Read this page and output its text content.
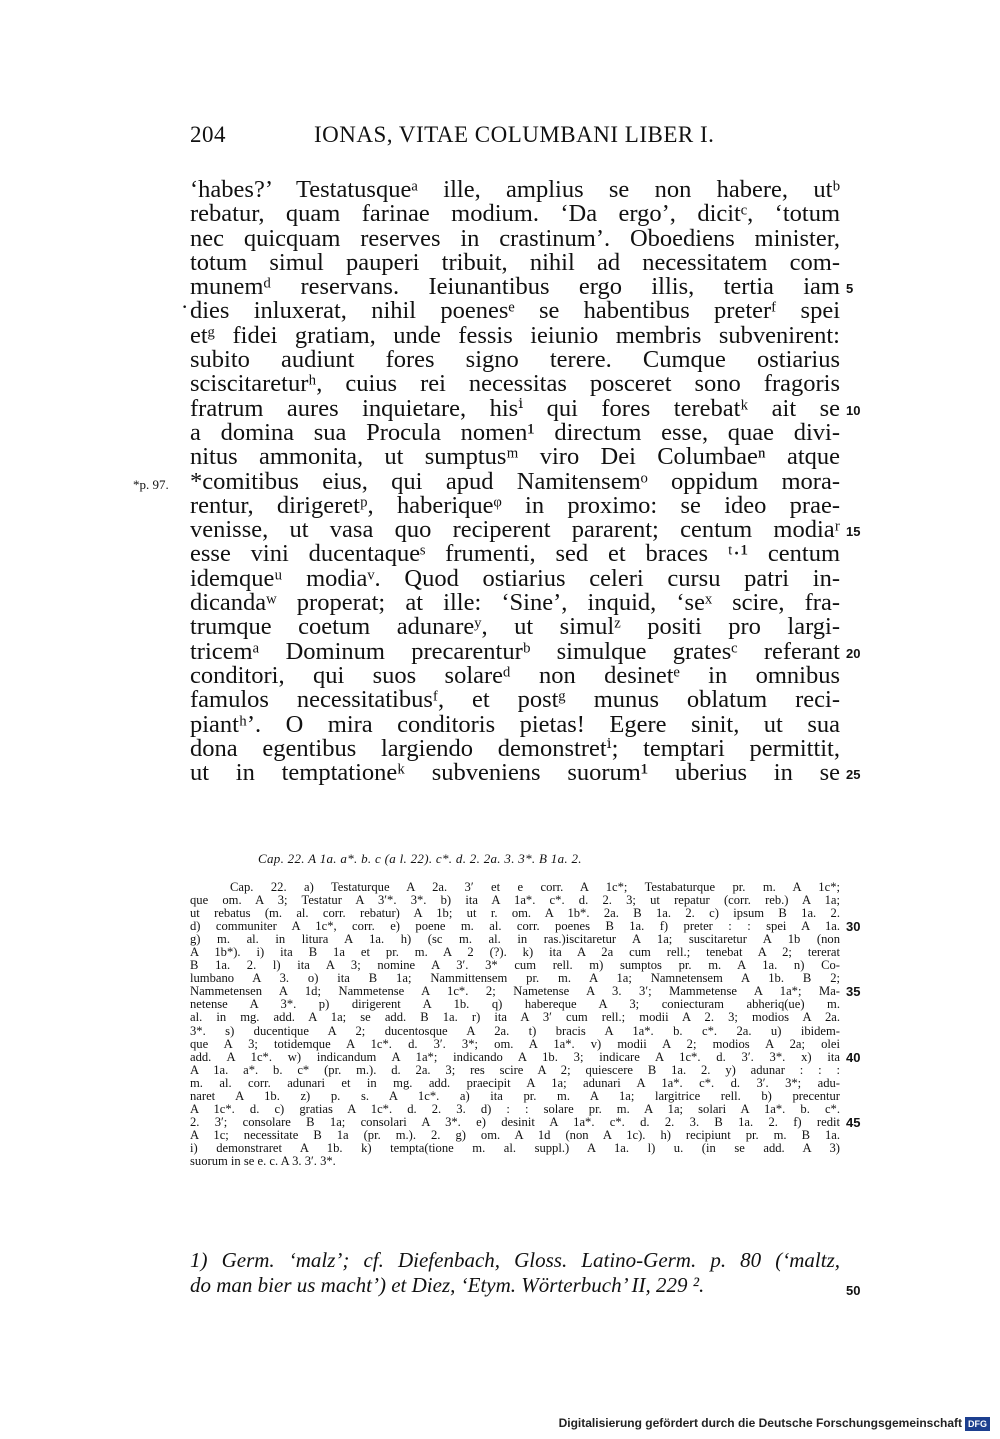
204	IONAS, VITAE COLUMBANI LIBER I.
‘habes?’ Testatusqueᵃ ille, amplius se non habere, utᵇ
rebatur, quam farinae modium. ‘Da ergo’, dicitᶜ, ‘totum
nec quicquam reserves in crastinum’. Oboediens minister,
totum simul pauperi tribuit, nihil ad necessitatem com-
munemᵈ reservans. Ieiunantibus ergo illis, tertia iam 5
dies inluxerat, nihil poenesᵉ se habentibus preterᶠ spei
·
etᵍ fidei gratiam, unde fessis ieiunio membris subvenirent:
subito audiunt fores signo terere. Cumque ostiarius
sciscitareturʰ, cuius rei necessitas posceret sono fragoris
fratrum aures inquietare, hisⁱ qui fores terebatᵏ ait se 10
a domina sua Procula nomen¹ directum esse, quae divi-
nitus ammonita, ut sumptusᵐ viro Dei Columbaeⁿ atque
*comitibus eius, qui apud Namitensemᵒ oppidum mora-
*p. 97.
rentur, dirigeretᵖ, haberiqueᵠ in proximo: se ideo prae-
venisse, ut vasa quo reciperent pararent; centum modiaʳ 15
esse vini ducentaqueˢ frumenti, sed et braces ᵗ·¹ centum
idemqueᵘ modiaᵛ. Quod ostiarius celeri cursu patri in-
dicandaʷ properat; at ille: ‘Sine’, inquid, ‘seˣ scire, fra-
trumque coetum adunareʸ, ut simulᶻ positi pro largi-
tricemᵃ Dominum precarenturᵇ simulque gratesᶜ referant 20
conditori, qui suos solareᵈ non desinetᵉ in omnibus
famulos necessitatibusᶠ, et postᵍ munus oblatum reci-
piantʰ’. O mira conditoris pietas! Egere sinit, ut sua
dona egentibus largiendo demonstretⁱ; temptari permittit,
ut in temptationeᵏ subveniens suorum¹ uberius in se 25
Cap. 22. A 1a. a*. b. c (a l. 22). c*. d. 2. 2a. 3. 3*. B 1a. 2.
Cap. 22. a) Testaturque A 2a. 3′ et e corr. A 1c*; Testabaturque pr. m. A 1c*;
que om. A 3; Testatur A 3′*. 3*. b) ita A 1a*. c*. d. 2. 3; ut repatur (corr. reb.) A 1a;
ut rebatus (m. al. corr. rebatur) A 1b; ut r. om. A 1b*. 2a. B 1a. 2. c) ipsum B 1a. 2.
d) communiter A 1c*, corr. e) poene m. al. corr. poenes B 1a. f) preter : : spei A 1a. 30
g) m. al. in litura A 1a. h) (sc m. al. in ras.)iscitaretur A 1a; suscitaretur A 1b (non
A 1b*). i) ita B 1a et pr. m. A 2 (?). k) ita A 2a cum rell.; tenebat A 2; tererat
B 1a. 2. l) ita A 3; nomine A 3′. 3* cum rell. m) sumptos pr. m. A 1a. n) Co-
lumbano A 3. o) ita B 1a; Nammittensem pr. m. A 1a; Namnetensem A 1b. B 2;
Nammetensen A 1d; Nammetense A 1c*. 2; Nametense A 3. 3′; Mammetense A 1a*; Ma- 35
netense A 3*. p) dirigerent A 1b. q) habereque A 3; coniecturam abheriq(ue) m.
al. in mg. add. A 1a; se add. B 1a. r) ita A 3′ cum rell.; modii A 2. 3; modios A 2a.
3*. s) ducentique A 2; ducentosque A 2a. t) bracis A 1a*. b. c*. 2a. u) ibidem-
que A 3; totidemque A 1c*. d. 3′. 3*; om. A 1a*. v) modii A 2; modios A 2a; olei
add. A 1c*. w) indicandum A 1a*; indicando A 1b. 3; indicare A 1c*. d. 3′. 3*. x) ita 40
A 1a. a*. b. c* (pr. m.). d. 2a. 3; res scire A 2; quiescere B 1a. 2. y) adunar : : :
m. al. corr. adunari et in mg. add. praecipit A 1a; adunari A 1a*. c*. d. 3′. 3*; adu-
naret A 1b. z) p. s. A 1c*. a) ita pr. m. A 1a; largitrice rell. b) precentur
A 1c*. d. c) gratias A 1c*. d. 2. 3. d) : : solare pr. m. A 1a; solari A 1a*. b. c*.
2. 3′; consolare B 1a; consolari A 3*. e) desinit A 1a*. c*. d. 2. 3. B 1a. 2. f) redit 45
A 1c; necessitate B 1a (pr. m.). 2. g) om. A 1d (non A 1c). h) recipiunt pr. m. B 1a.
i) demonstraret A 1b. k) tempta(tione m. al. suppl.) A 1a. l) u. (in se add. A 3)
suorum in se e. c. A 3. 3′. 3*.
1) Germ. ‘malz’; cf. Diefenbach, Gloss. Latino-Germ. p. 80 (‘maltz,
do man bier us macht’) et Diez, ‘Etym. Wörterbuch’ II, 229 ².	50
Digitalisierung gefördert durch die Deutsche Forschungsgemeinschaft DFG
